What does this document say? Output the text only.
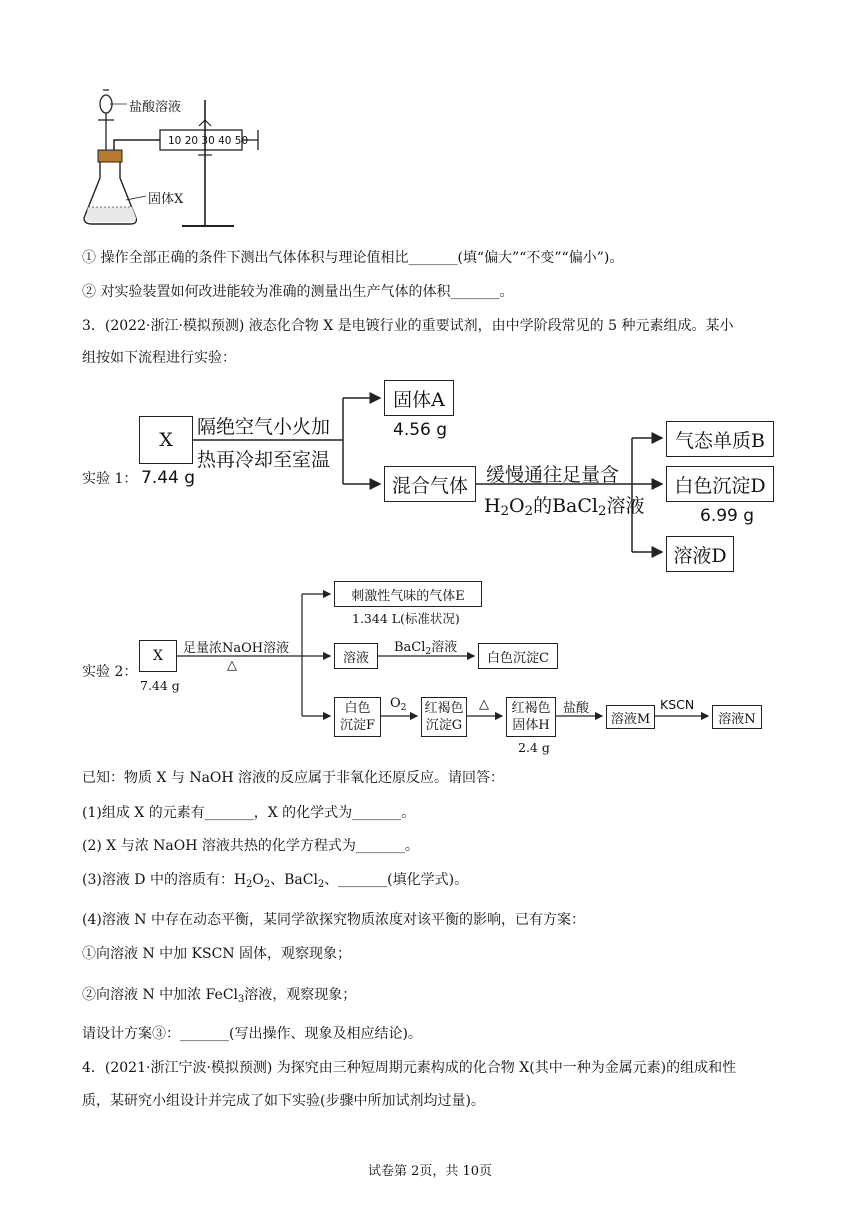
盐酸溶液
固体X
10 20 30 40 50
① 操作全部正确的条件下测出气体体积与理论值相比_______(填“偏大”“不变”“偏小”)。
② 对实验装置如何改进能较为准确的测量出生产气体的体积_______。
3．(2022·浙江·模拟预测) 液态化合物 X 是电镀行业的重要试剂，由中学阶段常见的 5 种元素组成。某小
组按如下流程进行实验：
实验 1：
X
7.44 g
隔绝空气小火加
热再冷却至室温
固体A
4.56 g
混合气体 缓慢通往足量含
$H_2O_2$的BaCl$_2$溶液
气态单质B
白色沉淀D
6.99 g
溶液D
实验 2：
X
7.44 g
足量浓NaOH溶液
△
刺激性气味的气体E
1.344 L(标准状况)
溶液
BaCl$_2$溶液
白色沉淀C
白色
沉淀F
$O_2$ 红褐色
沉淀G
△ 红褐色
固体H
2.4 g
盐酸
溶液M
KSCN
溶液N
已知：物质 X 与 NaOH 溶液的反应属于非氧化还原反应。请回答：
(1)组成 X 的元素有_______，X 的化学式为_______。
(2) X 与浓 NaOH 溶液共热的化学方程式为_______。
(3)溶液 D 中的溶质有：$H_2O_2$、BaCl$_2$、_______(填化学式)。
(4)溶液 N 中存在动态平衡，某同学欲探究物质浓度对该平衡的影响，已有方案：
①向溶液 N 中加 KSCN 固体，观察现象；
②向溶液 N 中加浓 FeCl$_3$溶液，观察现象；
请设计方案③：_______(写出操作、现象及相应结论)。
4．(2021·浙江宁波·模拟预测) 为探究由三种短周期元素构成的化合物 X(其中一种为金属元素)的组成和性
质，某研究小组设计并完成了如下实验(步骤中所加试剂均过量)。
试卷第 2页，共 10页
